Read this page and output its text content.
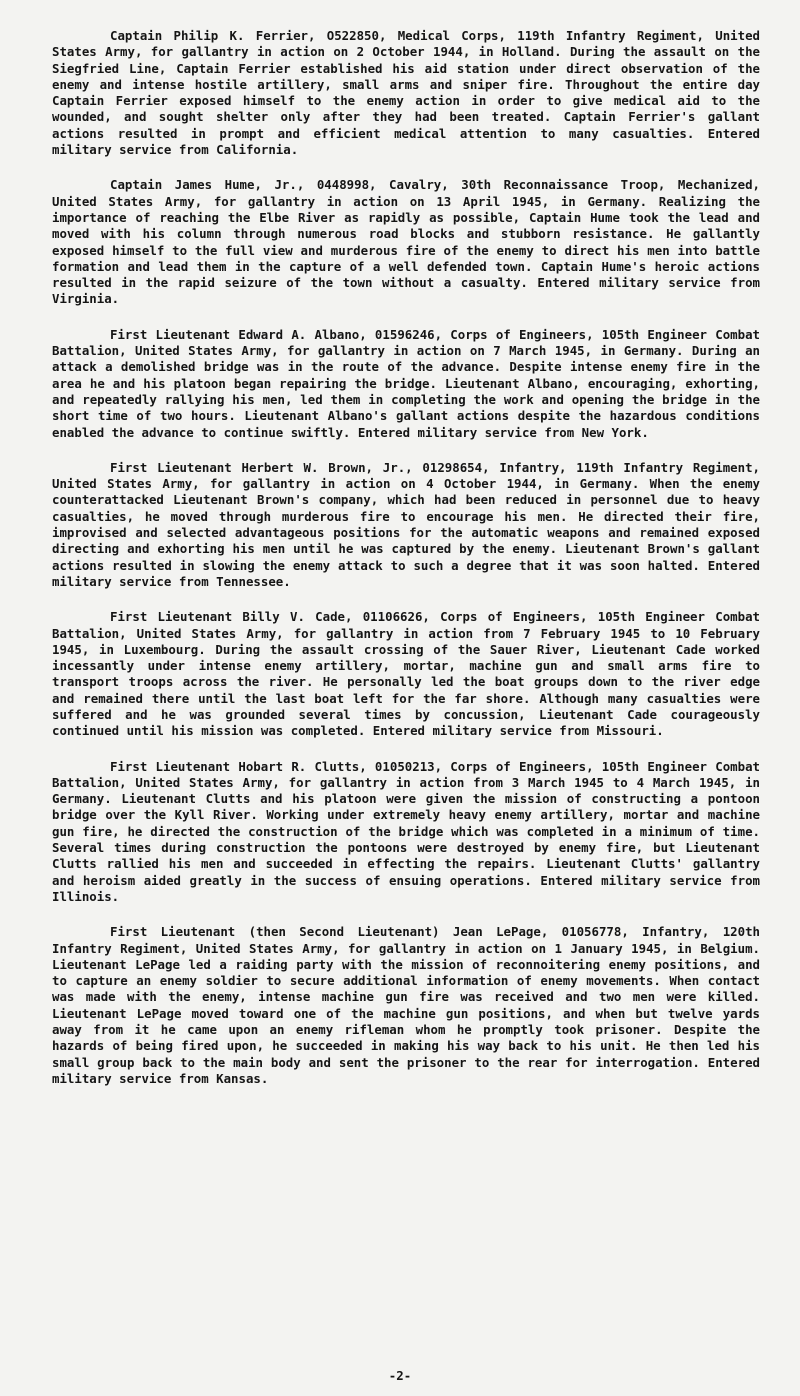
Captain Philip K. Ferrier, O522850, Medical Corps, 119th Infantry Regiment, United States Army, for gallantry in action on 2 October 1944, in Holland. During the assault on the Siegfried Line, Captain Ferrier established his aid station under direct observation of the enemy and intense hostile artillery, small arms and sniper fire. Throughout the entire day Captain Ferrier exposed himself to the enemy action in order to give medical aid to the wounded, and sought shelter only after they had been treated. Captain Ferrier's gallant actions resulted in prompt and efficient medical attention to many casualties. Entered military service from California.

Captain James Hume, Jr., 0448998, Cavalry, 30th Reconnaissance Troop, Mechanized, United States Army, for gallantry in action on 13 April 1945, in Germany. Realizing the importance of reaching the Elbe River as rapidly as possible, Captain Hume took the lead and moved with his column through numerous road blocks and stubborn resistance. He gallantly exposed himself to the full view and murderous fire of the enemy to direct his men into battle formation and lead them in the capture of a well defended town. Captain Hume's heroic actions resulted in the rapid seizure of the town without a casualty. Entered military service from Virginia.

First Lieutenant Edward A. Albano, 01596246, Corps of Engineers, 105th Engineer Combat Battalion, United States Army, for gallantry in action on 7 March 1945, in Germany. During an attack a demolished bridge was in the route of the advance. Despite intense enemy fire in the area he and his platoon began repairing the bridge. Lieutenant Albano, encouraging, exhorting, and repeatedly rallying his men, led them in completing the work and opening the bridge in the short time of two hours. Lieutenant Albano's gallant actions despite the hazardous conditions enabled the advance to continue swiftly. Entered military service from New York.

First Lieutenant Herbert W. Brown, Jr., 01298654, Infantry, 119th Infantry Regiment, United States Army, for gallantry in action on 4 October 1944, in Germany. When the enemy counterattacked Lieutenant Brown's company, which had been reduced in personnel due to heavy casualties, he moved through murderous fire to encourage his men. He directed their fire, improvised and selected advantageous positions for the automatic weapons and remained exposed directing and exhorting his men until he was captured by the enemy. Lieutenant Brown's gallant actions resulted in slowing the enemy attack to such a degree that it was soon halted. Entered military service from Tennessee.

First Lieutenant Billy V. Cade, 01106626, Corps of Engineers, 105th Engineer Combat Battalion, United States Army, for gallantry in action from 7 February 1945 to 10 February 1945, in Luxembourg. During the assault crossing of the Sauer River, Lieutenant Cade worked incessantly under intense enemy artillery, mortar, machine gun and small arms fire to transport troops across the river. He personally led the boat groups down to the river edge and remained there until the last boat left for the far shore. Although many casualties were suffered and he was grounded several times by concussion, Lieutenant Cade courageously continued until his mission was completed. Entered military service from Missouri.

First Lieutenant Hobart R. Clutts, 01050213, Corps of Engineers, 105th Engineer Combat Battalion, United States Army, for gallantry in action from 3 March 1945 to 4 March 1945, in Germany. Lieutenant Clutts and his platoon were given the mission of constructing a pontoon bridge over the Kyll River. Working under extremely heavy enemy artillery, mortar and machine gun fire, he directed the construction of the bridge which was completed in a minimum of time. Several times during construction the pontoons were destroyed by enemy fire, but Lieutenant Clutts rallied his men and succeeded in effecting the repairs. Lieutenant Clutts' gallantry and heroism aided greatly in the success of ensuing operations. Entered military service from Illinois.

First Lieutenant (then Second Lieutenant) Jean LePage, 01056778, Infantry, 120th Infantry Regiment, United States Army, for gallantry in action on 1 January 1945, in Belgium. Lieutenant LePage led a raiding party with the mission of reconnoitering enemy positions, and to capture an enemy soldier to secure additional information of enemy movements. When contact was made with the enemy, intense machine gun fire was received and two men were killed. Lieutenant LePage moved toward one of the machine gun positions, and when but twelve yards away from it he came upon an enemy rifleman whom he promptly took prisoner. Despite the hazards of being fired upon, he succeeded in making his way back to his unit. He then led his small group back to the main body and sent the prisoner to the rear for interrogation. Entered military service from Kansas.

-2-
